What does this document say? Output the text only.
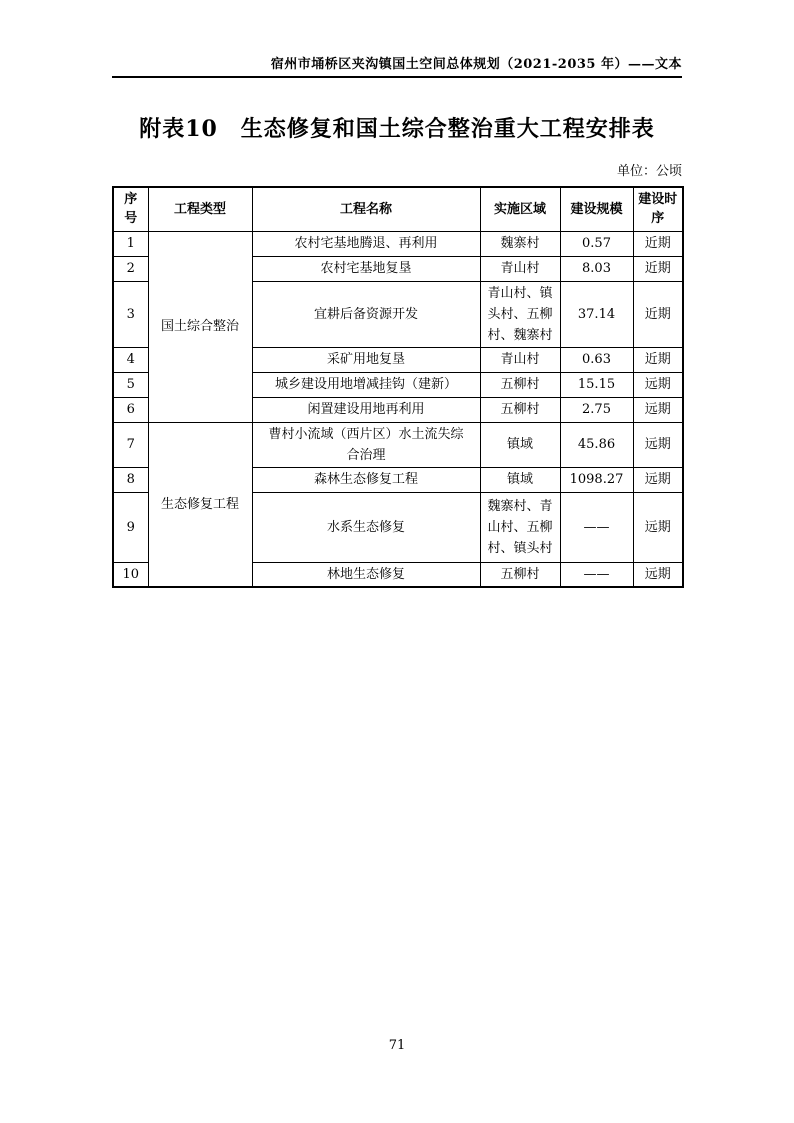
宿州市埇桥区夹沟镇国土空间总体规划（2021-2035 年）——文本
附表10　生态修复和国土综合整治重大工程安排表
单位：公顷
序号	工程类型	工程名称	实施区域	建设规模	建设时序
1	国土综合整治	农村宅基地腾退、再利用	魏寨村	0.57	近期
2		农村宅基地复垦	青山村	8.03	近期
3		宜耕后备资源开发	青山村、镇头村、五柳村、魏寨村	37.14	近期
4		采矿用地复垦	青山村	0.63	近期
5		城乡建设用地增减挂钩（建新）	五柳村	15.15	远期
6		闲置建设用地再利用	五柳村	2.75	远期
7	生态修复工程	曹村小流域（西片区）水土流失综合治理	镇域	45.86	远期
8		森林生态修复工程	镇域	1098.27	远期
9		水系生态修复	魏寨村、青山村、五柳村、镇头村	——	远期
10		林地生态修复	五柳村	——	远期
71
